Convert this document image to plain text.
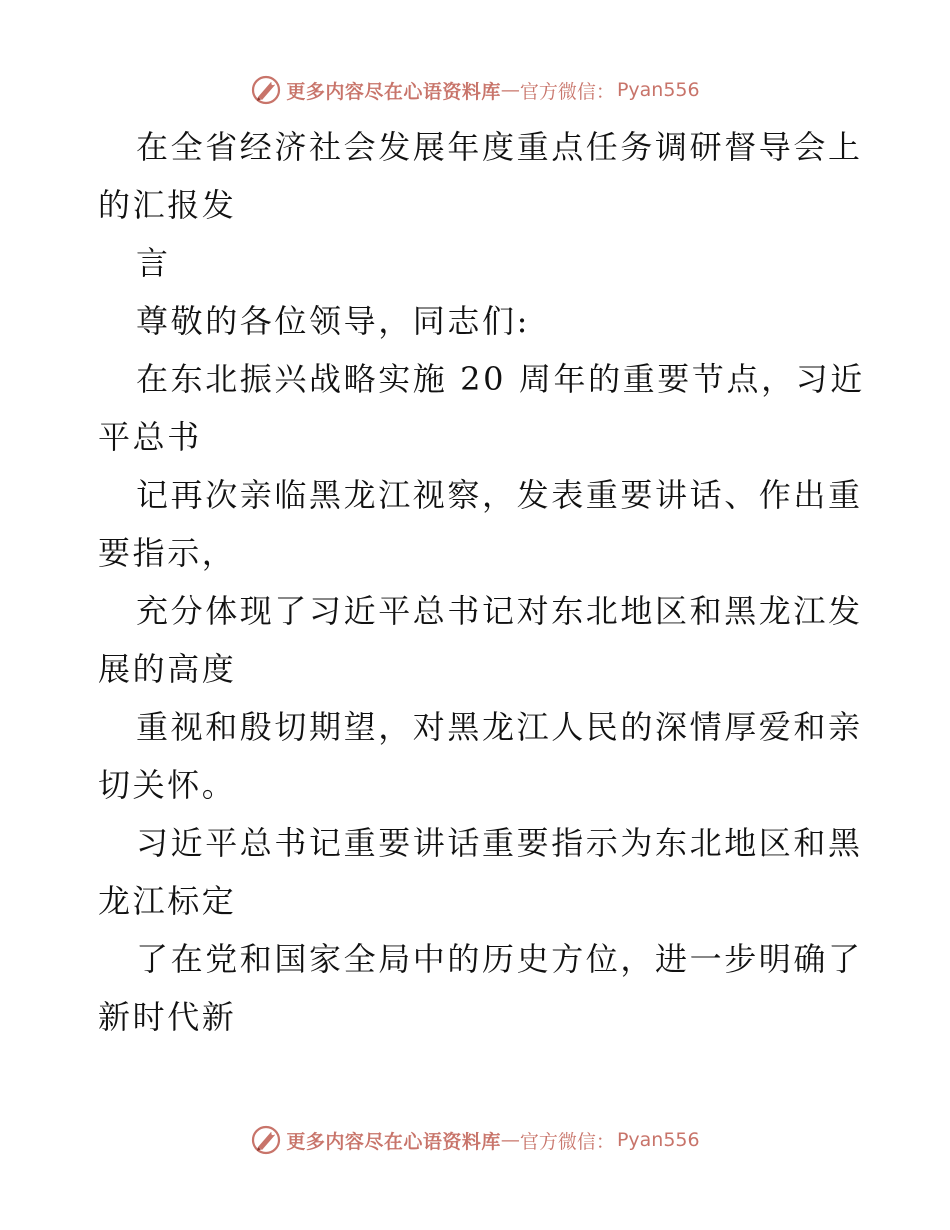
更多内容尽在心语资料库 — 官方微信： Pyan556
在全省经济社会发展年度重点任务调研督导会上
的汇报发
言
尊敬的各位领导，同志们:
在东北振兴战略实施 20 周年的重要节点，习近
平总书
记再次亲临黑龙江视察，发表重要讲话、作出重
要指示，
充分体现了习近平总书记对东北地区和黑龙江发
展的高度
重视和殷切期望，对黑龙江人民的深情厚爱和亲
切关怀。
习近平总书记重要讲话重要指示为东北地区和黑
龙江标定
了在党和国家全局中的历史方位，进一步明确了
新时代新
更多内容尽在心语资料库 — 官方微信： Pyan556
